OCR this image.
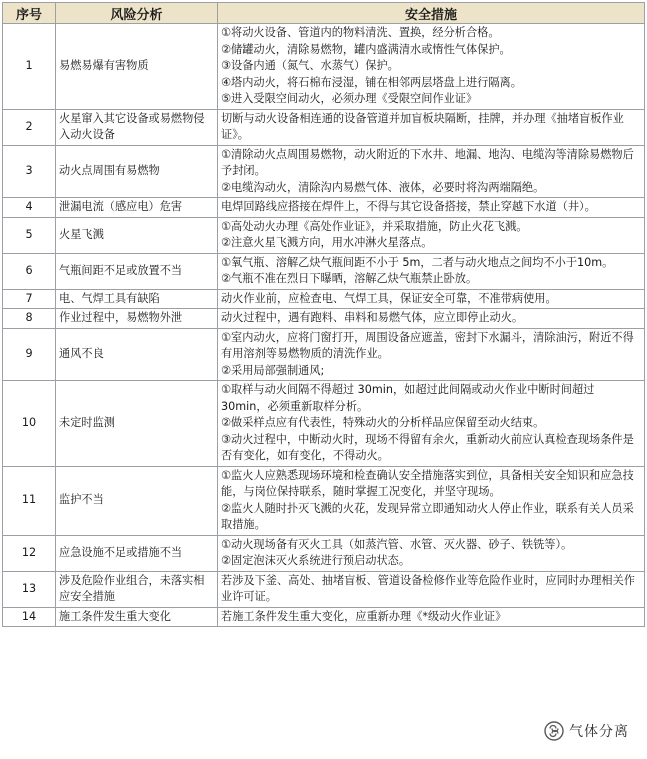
序号	风险分析	安全措施
1	易燃易爆有害物质	①将动火设备、管道内的物料清洗、置换，经分析合格。
②储罐动火，清除易燃物，罐内盛满清水或惰性气体保护。
③设备内通（氮气、水蒸气）保护。
④塔内动火，将石棉布浸湿，铺在相邻两层塔盘上进行隔离。
⑤进入受限空间动火，必须办理《受限空间作业证》

2	火星窜入其它设备或易燃物侵入动火设备	切断与动火设备相连通的设备管道并加盲板块隔断，挂牌，并办理《抽堵盲板作业证》。

3	动火点周围有易燃物	①清除动火点周围易燃物，动火附近的下水井、地漏、地沟、电缆沟等清除易燃物后予封闭。
②电缆沟动火，清除沟内易燃气体、液体，必要时将沟两端隔绝。

4	泄漏电流（感应电）危害	电焊回路线应搭接在焊件上，不得与其它设备搭接，禁止穿越下水道（井）。

5	火星飞溅	①高处动火办理《高处作业证》，并采取措施，防止火花飞溅。
②注意火星飞溅方向，用水冲淋火星落点。

6	气瓶间距不足或放置不当	①氧气瓶、溶解乙炔气瓶间距不小于 5m，二者与动火地点之间均不小于10m。
②气瓶不准在烈日下曝晒，溶解乙炔气瓶禁止卧放。

7	电、气焊工具有缺陷	动火作业前，应检查电、气焊工具，保证安全可靠，不准带病使用。

8	作业过程中，易燃物外泄	动火过程中，遇有跑料、串料和易燃气体，应立即停止动火。

9	通风不良	①室内动火，应将门窗打开，周围设备应遮盖，密封下水漏斗，清除油污，附近不得有用溶剂等易燃物质的清洗作业。
②采用局部强制通风;

10	未定时监测	①取样与动火间隔不得超过 30min，如超过此间隔或动火作业中断时间超过 30min，必须重新取样分析。
②做采样点应有代表性，特殊动火的分析样品应保留至动火结束。
③动火过程中，中断动火时，现场不得留有余火，重新动火前应认真检查现场条件是否有变化，如有变化，不得动火。

11	监护不当	①监火人应熟悉现场环境和检查确认安全措施落实到位，具备相关安全知识和应急技能，与岗位保持联系，随时掌握工况变化，并坚守现场。
②监火人随时扑灭飞溅的火花，发现异常立即通知动火人停止作业，联系有关人员采取措施。

12	应急设施不足或措施不当	①动火现场备有灭火工具（如蒸汽管、水管、灭火器、砂子、铁铣等）。
②固定泡沫灭火系统进行预启动状态。

13	涉及危险作业组合，未落实相应安全措施	若涉及下釜、高处、抽堵盲板、管道设备检修作业等危险作业时，应同时办理相关作业许可证。

14	施工条件发生重大变化	若施工条件发生重大变化，应重新办理《*级动火作业证》
气体分离
